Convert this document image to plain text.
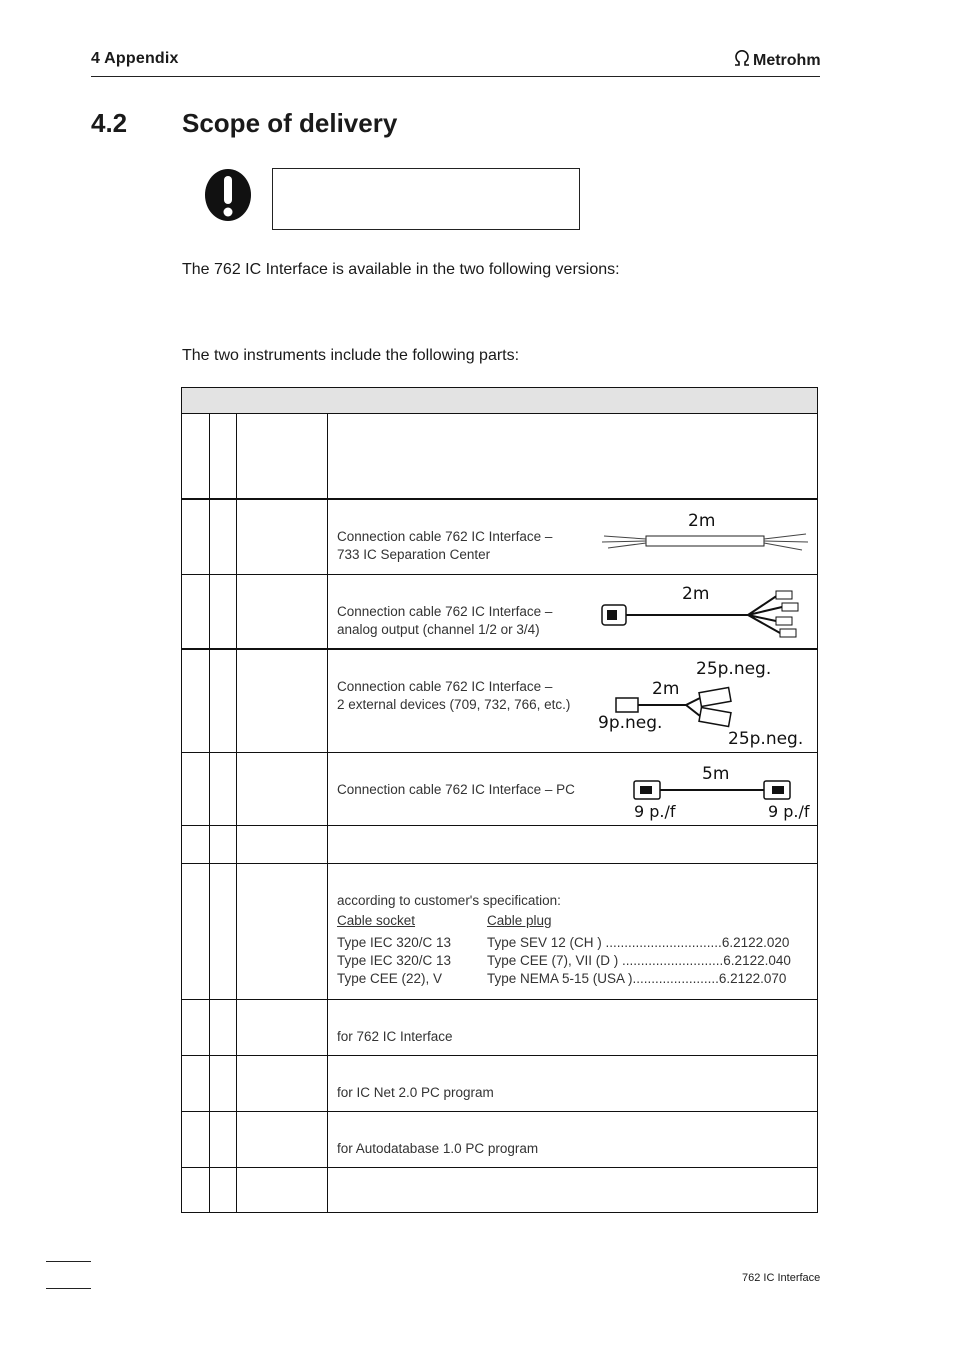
4 Appendix	Metrohm
4.2 Scope of delivery
The 762 IC Interface is available in the two following versions:
The two instruments include the following parts:
Connection cable 762 IC Interface –
733 IC Separation Center
2m
Connection cable 762 IC Interface –
analog output (channel 1/2 or 3/4)
2m
Connection cable 762 IC Interface –
2 external devices (709, 732, 766, etc.)
25p.neg.
2m
9p.neg.
25p.neg.
Connection cable 762 IC Interface – PC
5m
9 p./f	9 p./f
according to customer's specification:
Cable socket	Cable plug
Type IEC 320/C 13	Type SEV 12 (CH ) ...............................6.2122.020
Type IEC 320/C 13	Type CEE (7), VII (D ) ...........................6.2122.040
Type CEE (22), V	Type NEMA 5-15 (USA ).......................6.2122.070
for 762 IC Interface
for IC Net 2.0 PC program
for Autodatabase 1.0 PC program
762 IC Interface
